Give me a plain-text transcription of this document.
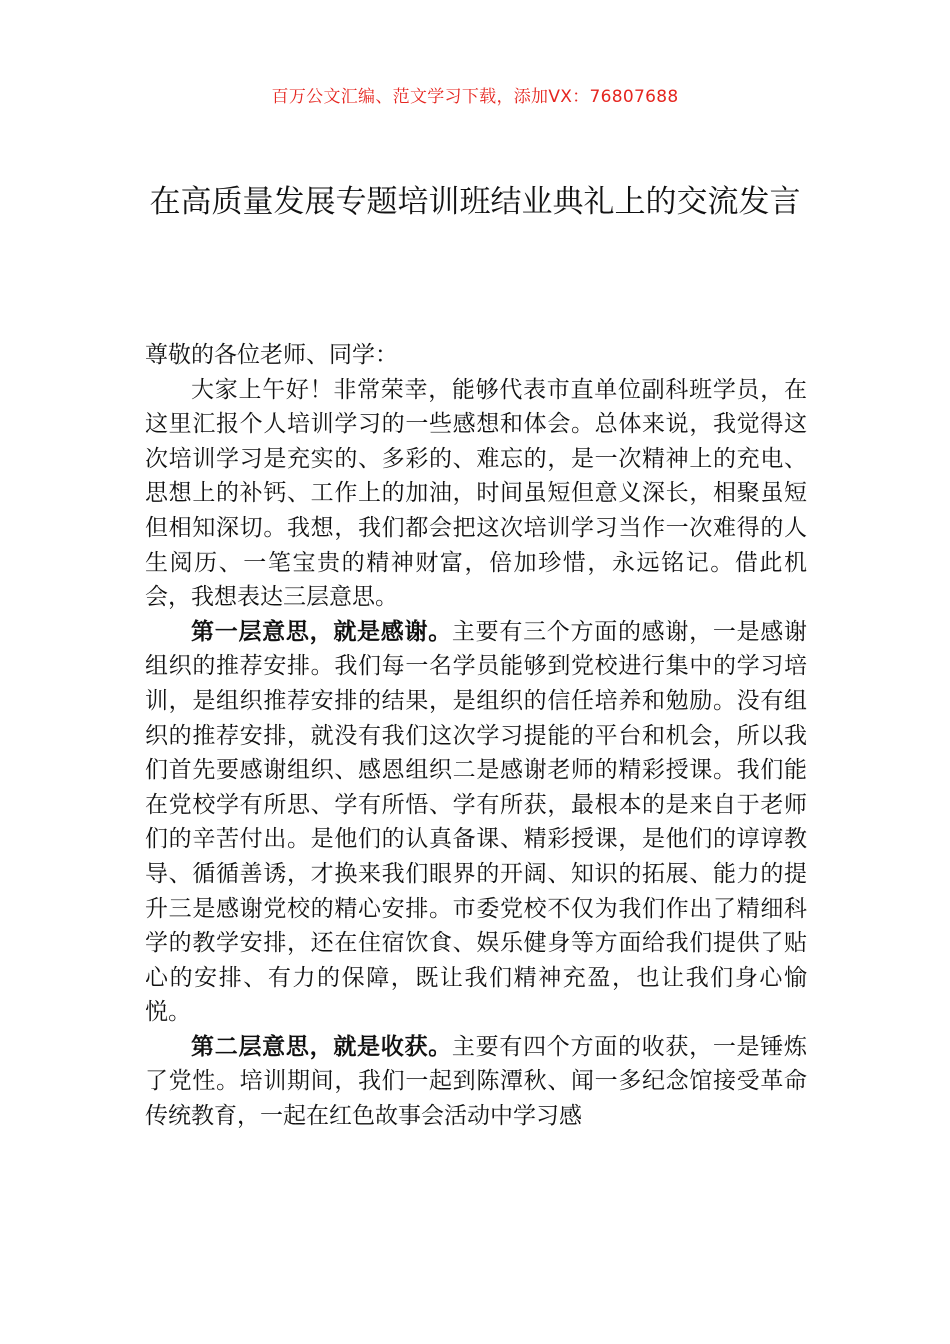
百万公文汇编、范文学习下载，添加VX：76807688
在高质量发展专题培训班结业典礼上的交流发言

尊敬的各位老师、同学：

大家上午好！非常荣幸，能够代表市直单位副科班学员，在这里汇报个人培训学习的一些感想和体会。总体来说，我觉得这次培训学习是充实的、多彩的、难忘的，是一次精神上的充电、思想上的补钙、工作上的加油，时间虽短但意义深长，相聚虽短但相知深切。我想，我们都会把这次培训学习当作一次难得的人生阅历、一笔宝贵的精神财富，倍加珍惜，永远铭记。借此机会，我想表达三层意思。

第一层意思，就是感谢。主要有三个方面的感谢，一是感谢组织的推荐安排。我们每一名学员能够到党校进行集中的学习培训，是组织推荐安排的结果，是组织的信任培养和勉励。没有组织的推荐安排，就没有我们这次学习提能的平台和机会，所以我们首先要感谢组织、感恩组织二是感谢老师的精彩授课。我们能在党校学有所思、学有所悟、学有所获，最根本的是来自于老师们的辛苦付出。是他们的认真备课、精彩授课，是他们的谆谆教导、循循善诱，才换来我们眼界的开阔、知识的拓展、能力的提升三是感谢党校的精心安排。市委党校不仅为我们作出了精细科学的教学安排，还在住宿饮食、娱乐健身等方面给我们提供了贴心的安排、有力的保障，既让我们精神充盈，也让我们身心愉悦。

第二层意思，就是收获。主要有四个方面的收获，一是锤炼了党性。培训期间，我们一起到陈潭秋、闻一多纪念馆接受革命传统教育，一起在红色故事会活动中学习感
